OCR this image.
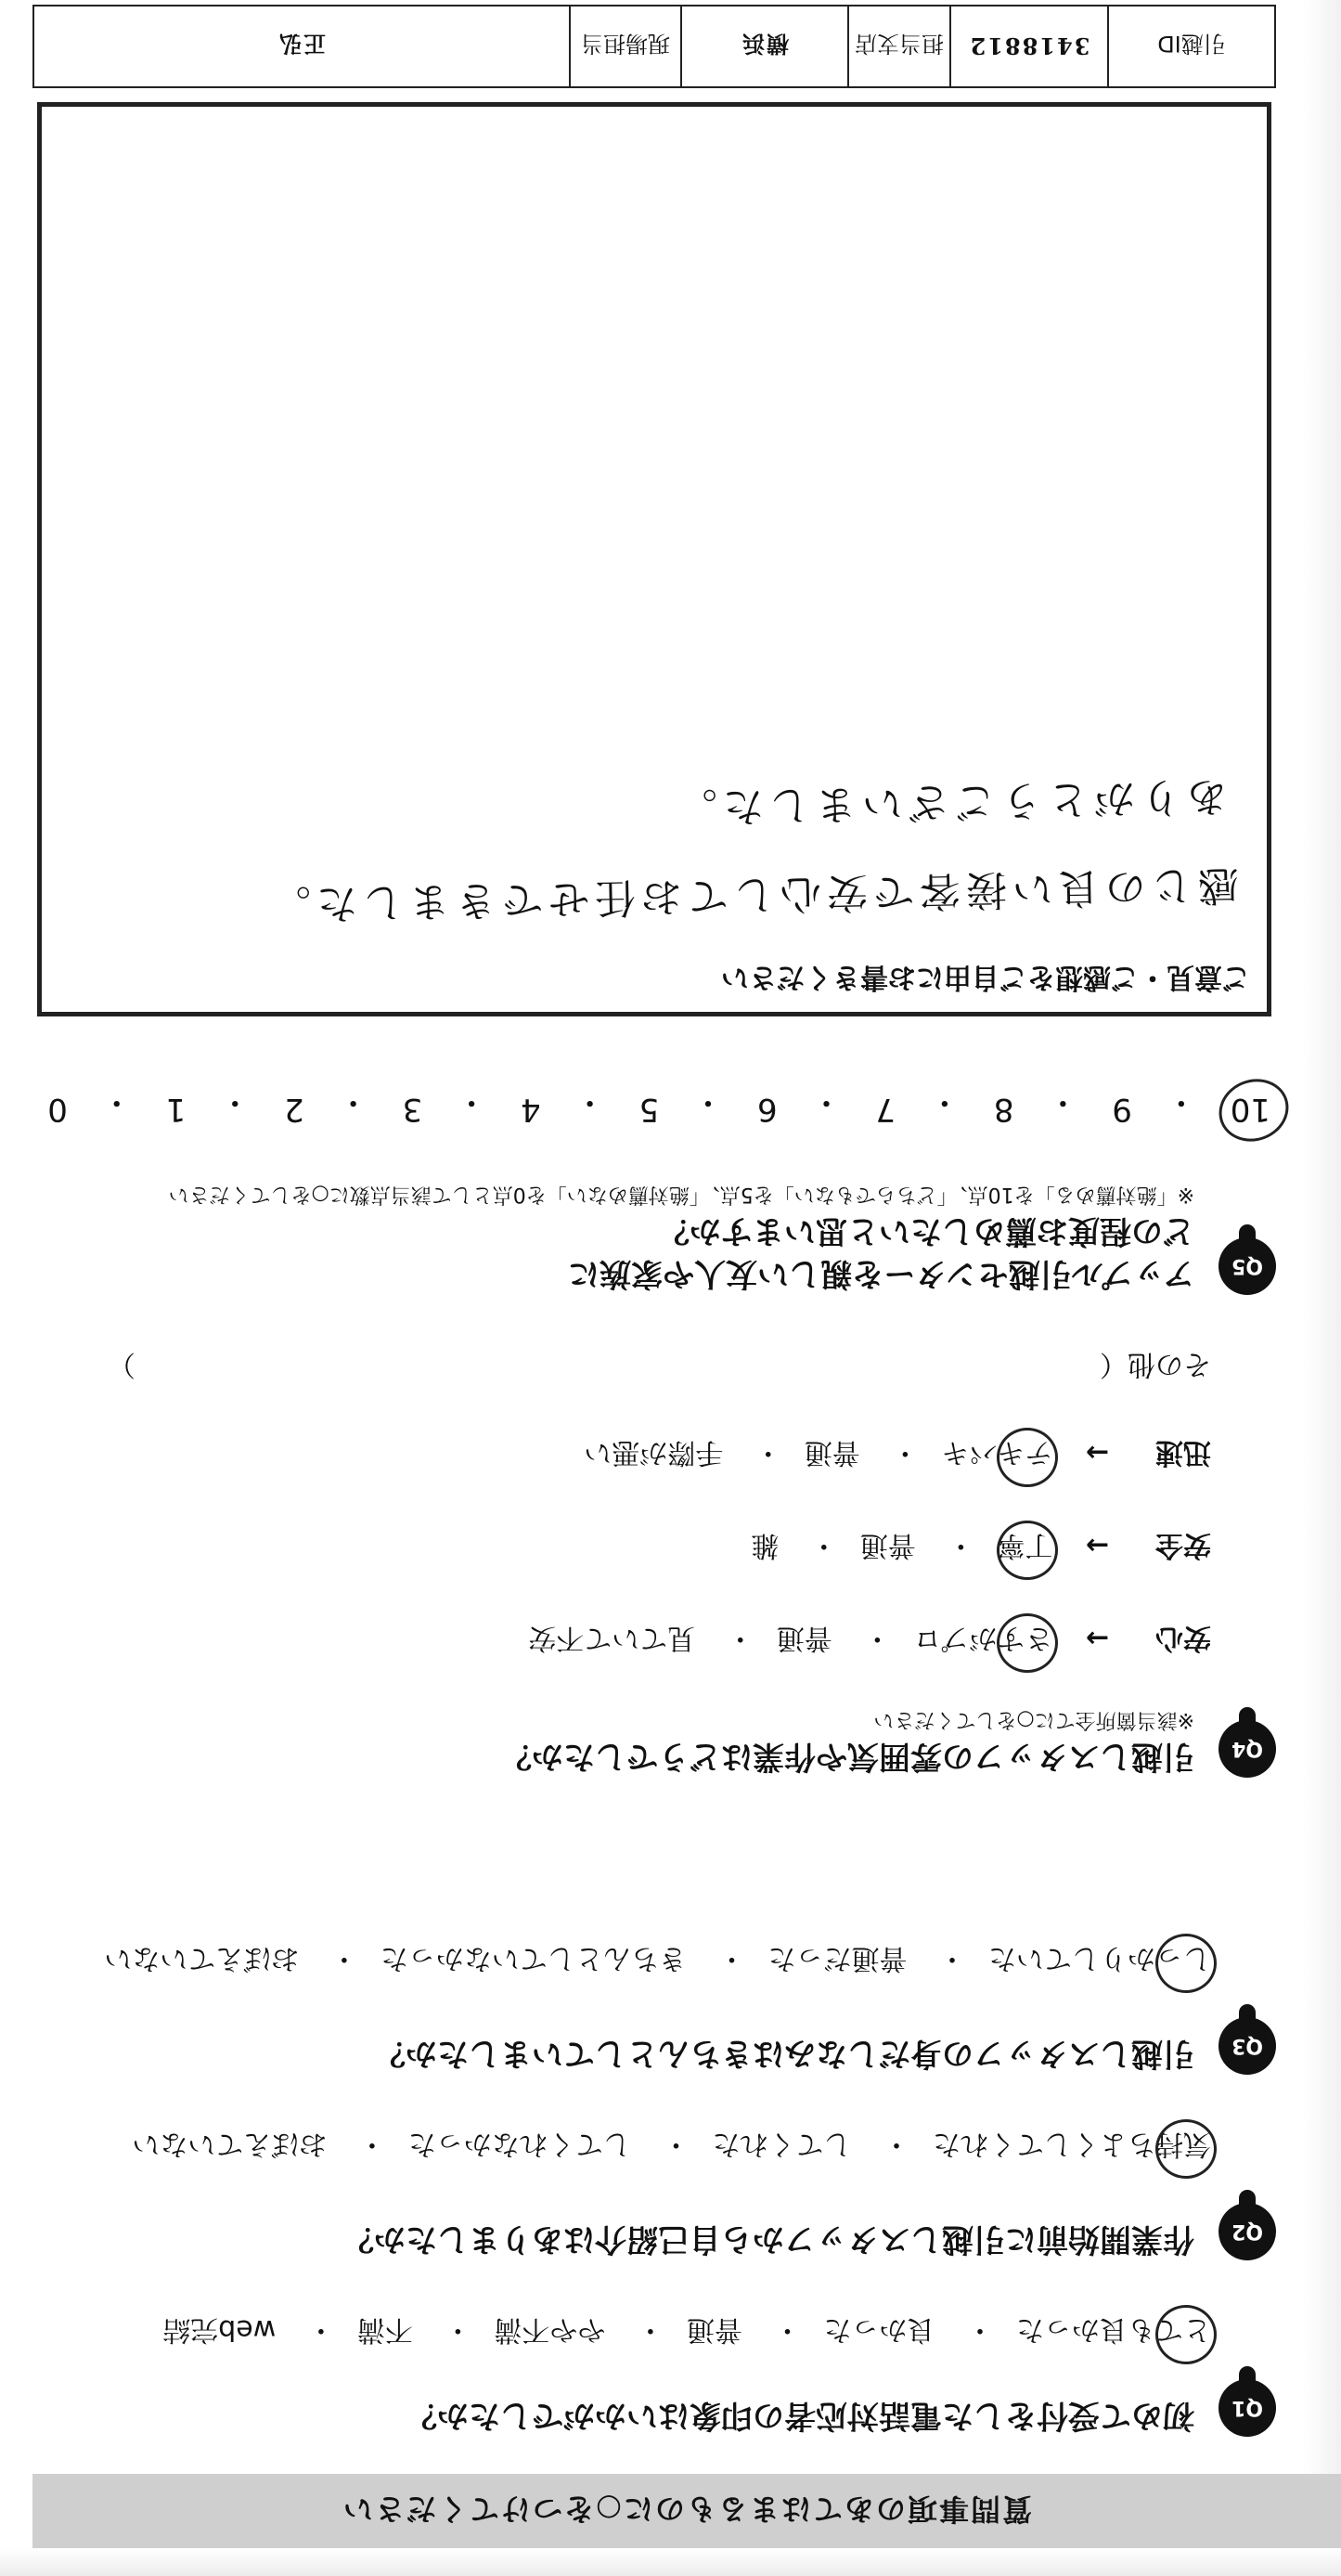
質問事項のあてはまるものに○をつけてください
Q1
初めて受付をした電話対応者の印象はいかがでしたか？
とても良かった・ 良かった・ 普通・ やや不満・ 不満・ web完結
Q2
作業開始前に引越しスタッフから自己紹介はありましたか？
気持ちよくしてくれた・ してくれた・ してくれなかった・ おぼえていない
Q3
引越しスタッフの身だしなみはきちんとしていましたか？
しっかりしていた・ 普通だった・ きちんとしていなかった・ おぼえていない
Q4
引越しスタッフの雰囲気や作業はどうでしたか？
※該当箇所全てに○をしてください
安心→ さすがプロ・ 普通・ 見ていて不安
安全→ 丁寧・ 普通・ 雑
迅速→ テキパキ・ 普通・ 手際が悪い
その他（  ）
Q5
アップル引越センターを親しい友人や家族に
どの程度お薦めしたいと思いますか？
※「絶対薦める」を10点、「どちらでもない」を5点、「絶対薦めない」を0点として該当点数に○をしてください
10
・
9
・
8
・
7
・
6
・
5
・
4
・
3
・
2
・
1
・
0
ご意見・ご感想をご自由にお書きください
感じの良い接客で安心してお任せできました。
ありがとうございました。
引越ID
3418812
担当支店
横浜
現場担当
正弘
